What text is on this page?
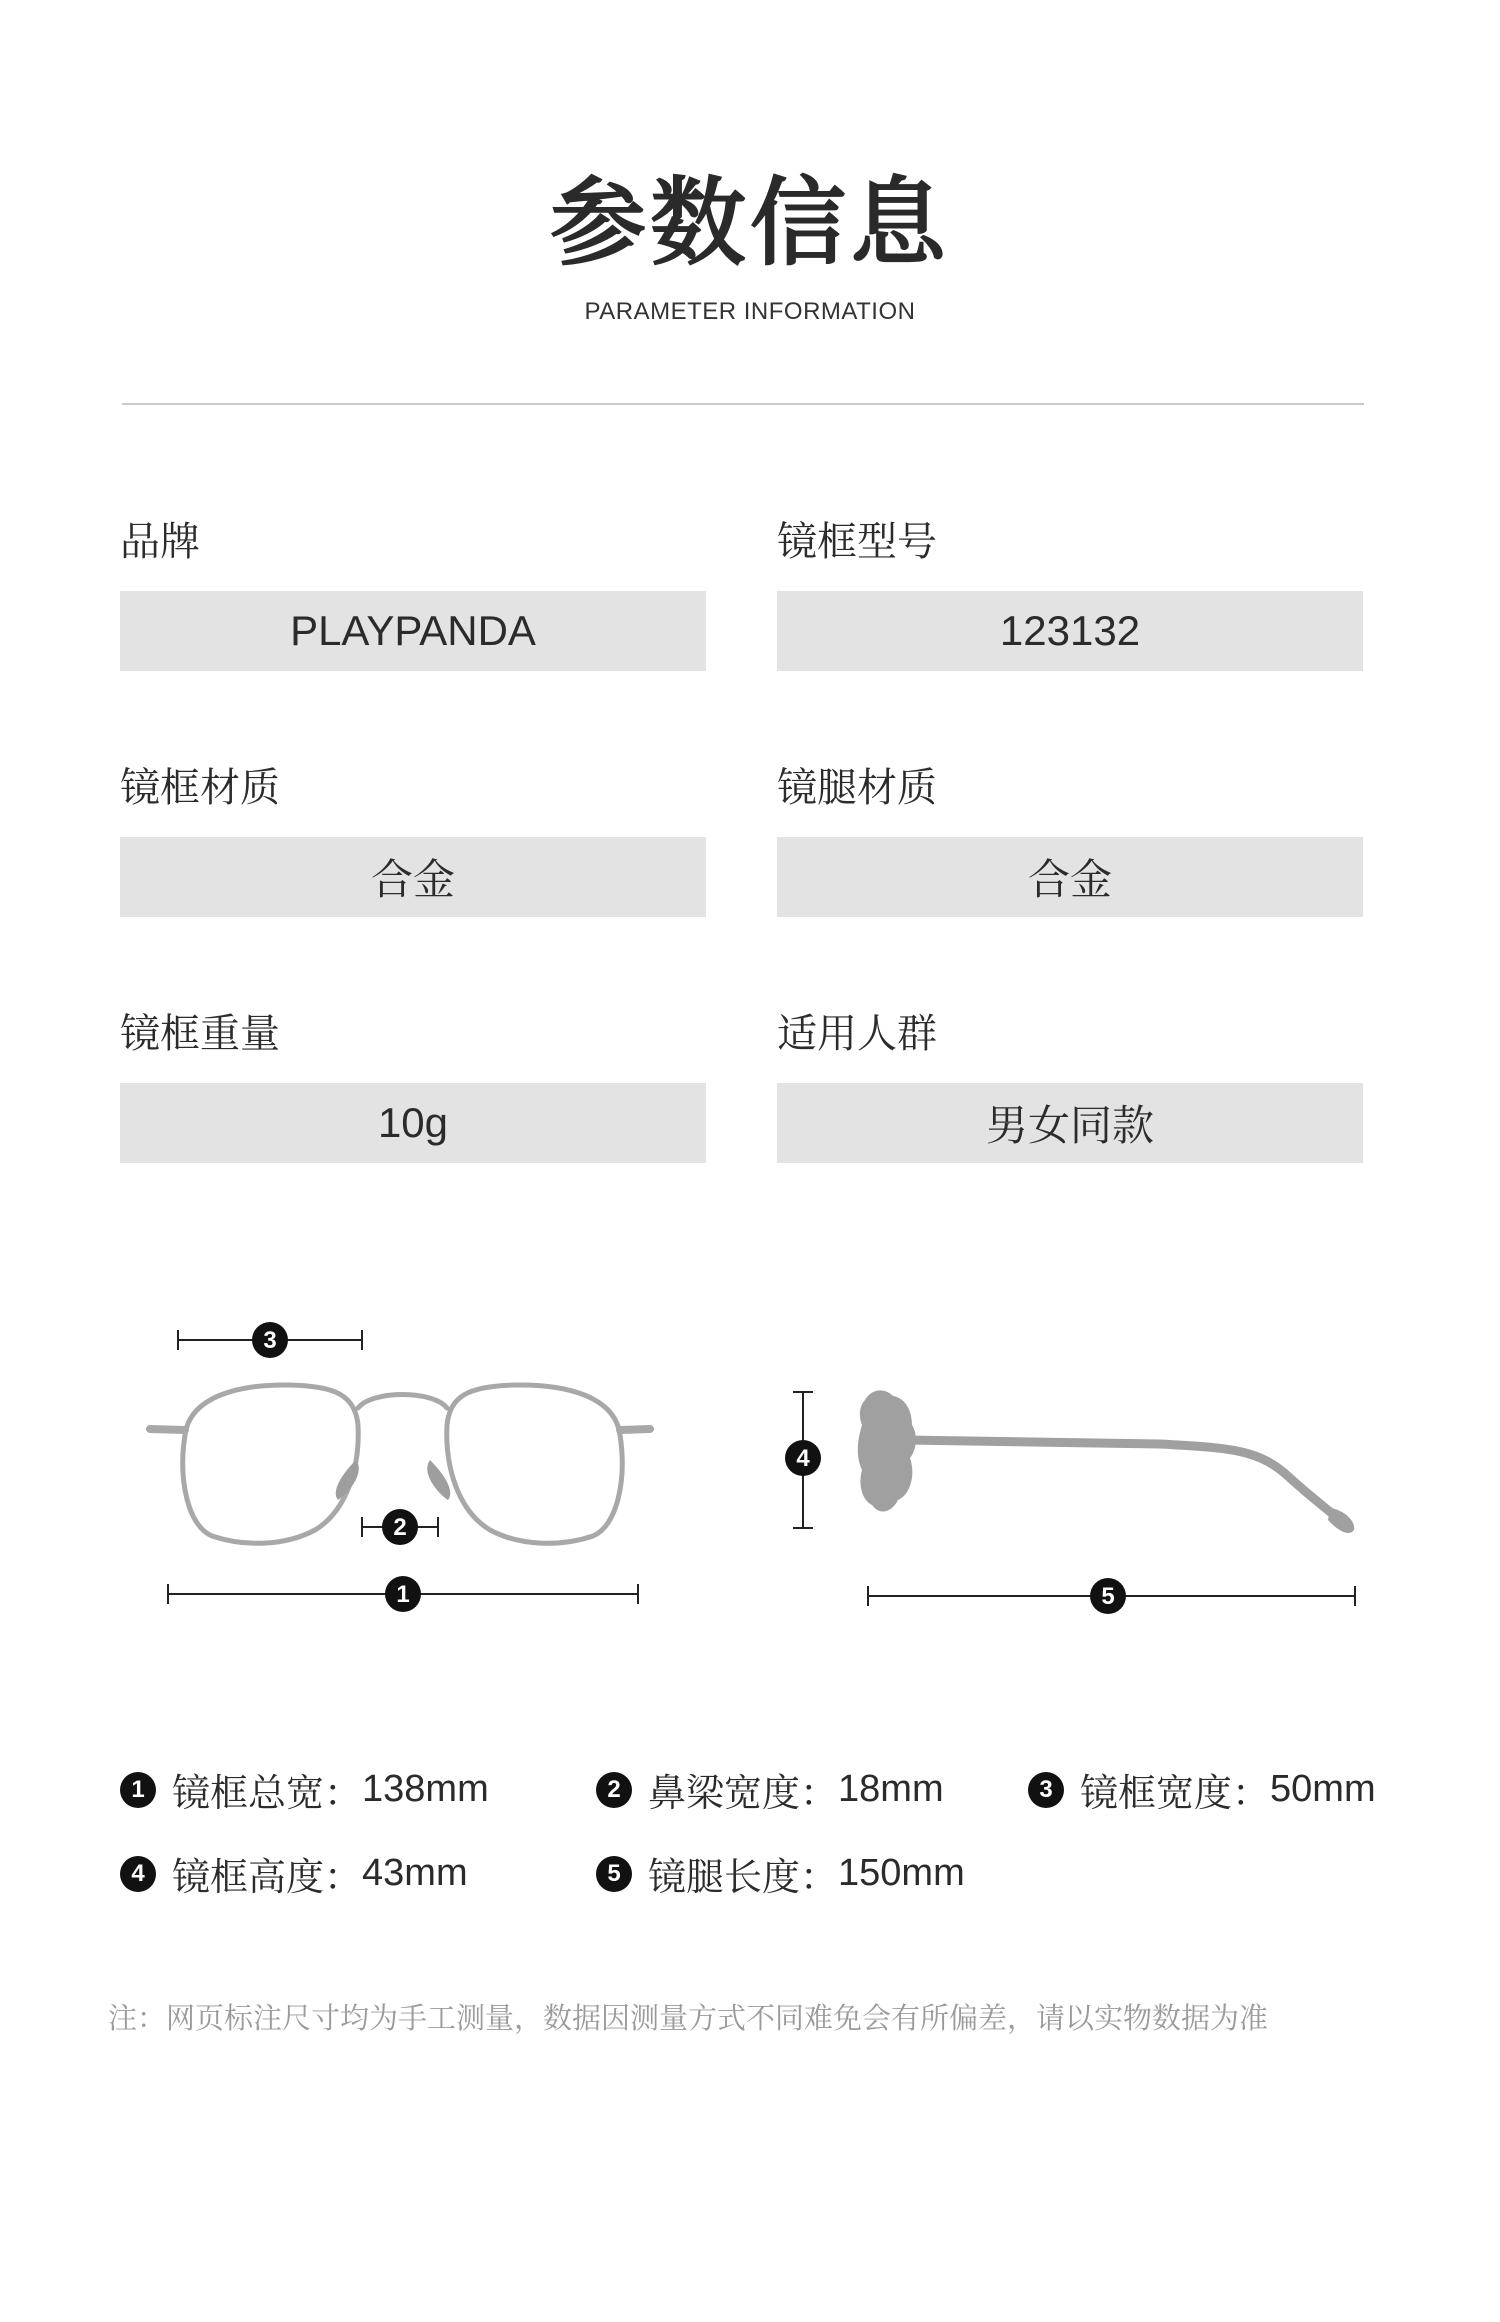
参数信息
PARAMETER INFORMATION
品牌
PLAYPANDA
镜框型号
123132
镜框材质
合金
镜腿材质
合金
镜框重量
10g
适用人群
男女同款
3
2
1
4
5
1 镜框总宽： 138mm	2 鼻梁宽度： 18mm	3 镜框宽度： 50mm
4 镜框高度： 43mm	5 镜腿长度： 150mm
注：网页标注尺寸均为手工测量，数据因测量方式不同难免会有所偏差，请以实物数据为准
